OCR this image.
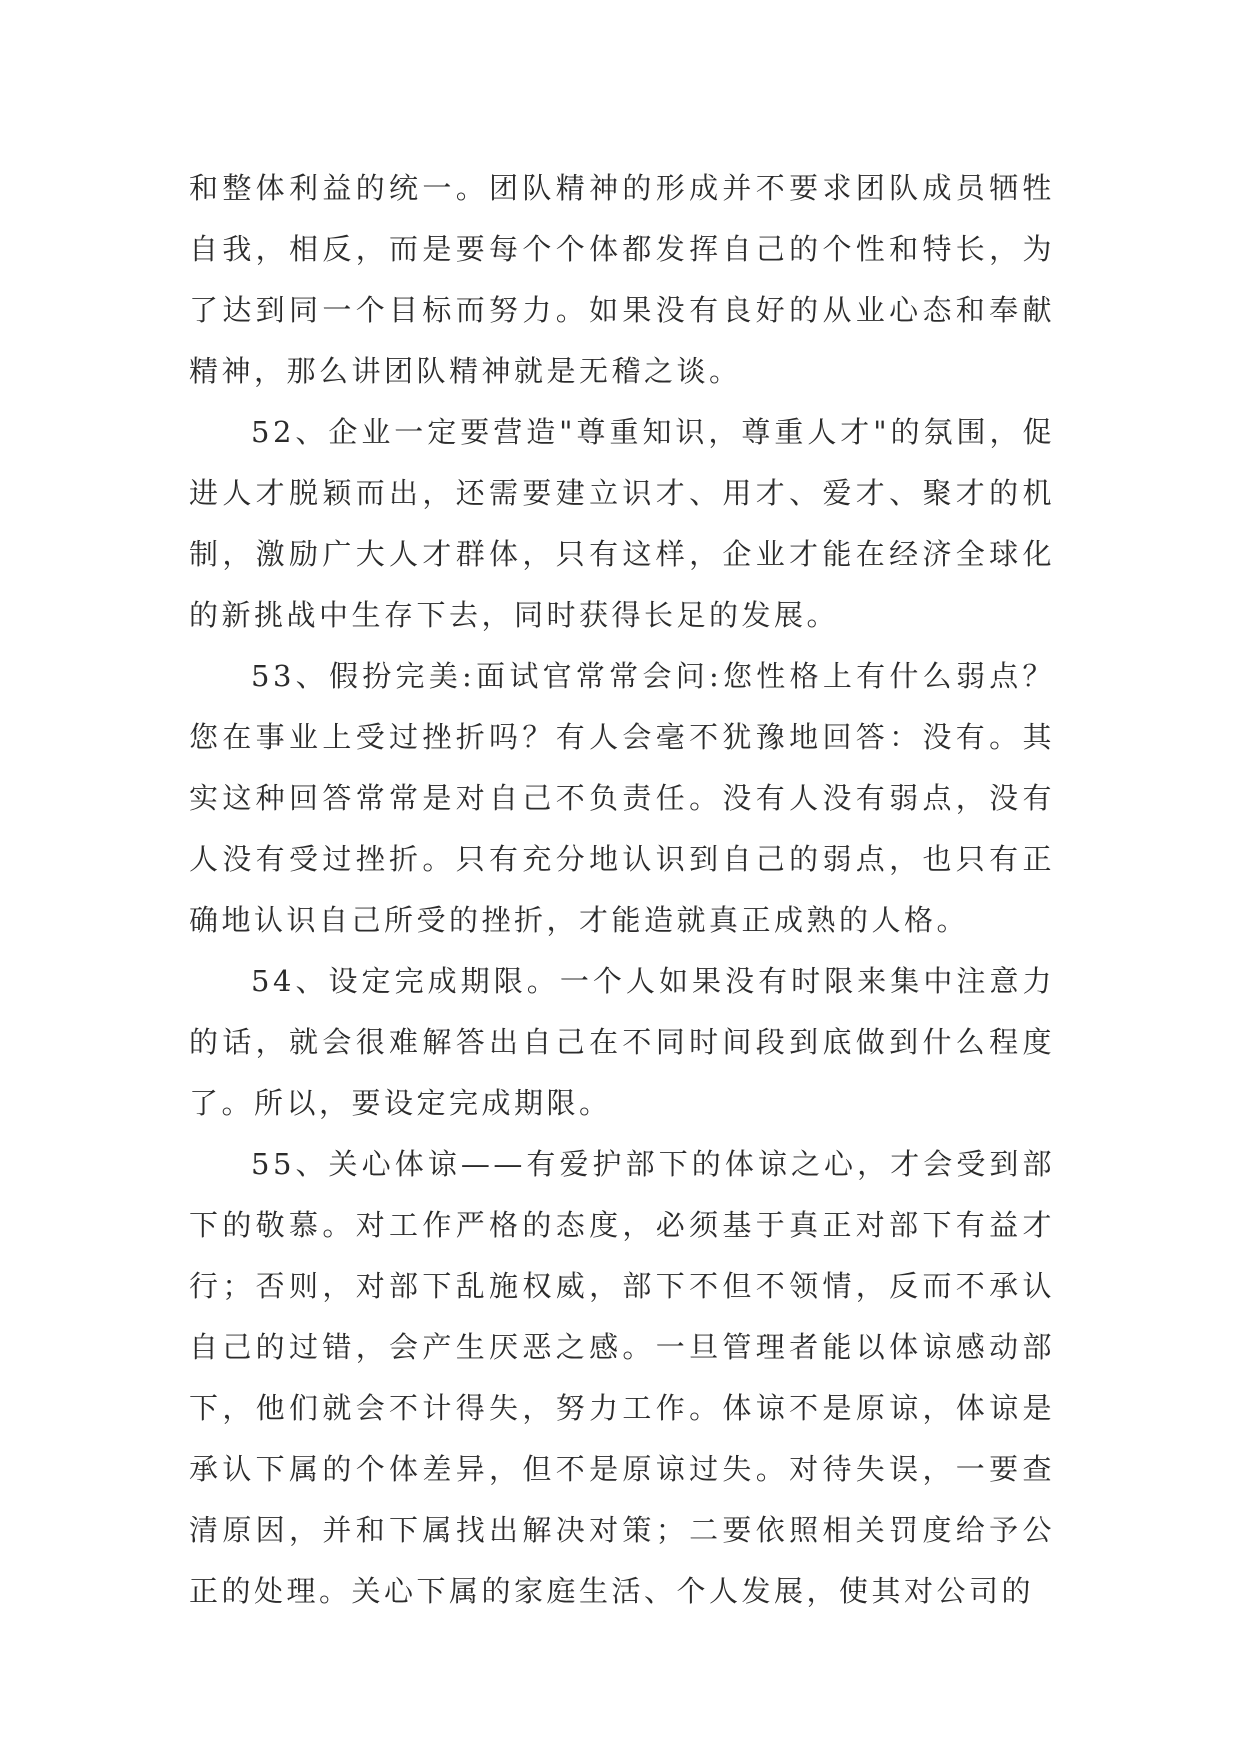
和整体利益的统一。团队精神的形成并不要求团队成员牺牲自我，相反，而是要每个个体都发挥自己的个性和特长，为了达到同一个目标而努力。如果没有良好的从业心态和奉献精神，那么讲团队精神就是无稽之谈。

52、企业一定要营造"尊重知识，尊重人才"的氛围，促进人才脱颖而出，还需要建立识才、用才、爱才、聚才的机制，激励广大人才群体，只有这样，企业才能在经济全球化的新挑战中生存下去，同时获得长足的发展。

53、假扮完美:面试官常常会问:您性格上有什么弱点？您在事业上受过挫折吗？有人会毫不犹豫地回答：没有。其实这种回答常常是对自己不负责任。没有人没有弱点，没有人没有受过挫折。只有充分地认识到自己的弱点，也只有正确地认识自己所受的挫折，才能造就真正成熟的人格。

54、设定完成期限。一个人如果没有时限来集中注意力的话，就会很难解答出自己在不同时间段到底做到什么程度了。所以，要设定完成期限。

55、关心体谅——有爱护部下的体谅之心，才会受到部下的敬慕。对工作严格的态度，必须基于真正对部下有益才行；否则，对部下乱施权威，部下不但不领情，反而不承认自己的过错，会产生厌恶之感。一旦管理者能以体谅感动部下，他们就会不计得失，努力工作。体谅不是原谅，体谅是承认下属的个体差异，但不是原谅过失。对待失误，一要查清原因，并和下属找出解决对策；二要依照相关罚度给予公正的处理。关心下属的家庭生活、个人发展，使其对公司的
